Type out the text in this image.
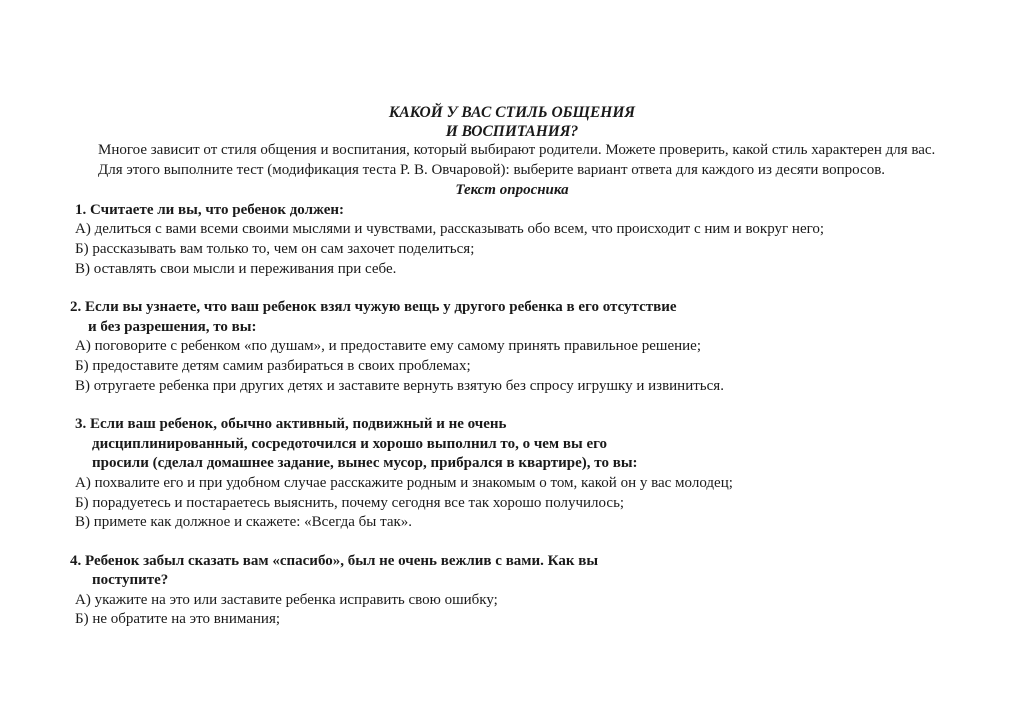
КАКОЙ У ВАС СТИЛЬ ОБЩЕНИЯ
И ВОСПИТАНИЯ?
Многое зависит от стиля общения и воспитания, который выбирают родители. Можете проверить, какой стиль характерен для вас.
Для этого выполните тест (модификация теста Р. В. Овчаровой): выберите вариант ответа для каждого из десяти вопросов.
Текст опросника
1. Считаете ли вы, что ребенок должен:
А) делиться с вами всеми своими мыслями и чувствами, рассказывать обо всем, что происходит с ним и вокруг него;
Б) рассказывать вам только то, чем он сам захочет поделиться;
В) оставлять свои мысли и переживания при себе.
2. Если вы узнаете, что ваш ребенок взял чужую вещь у другого ребенка в его отсутствие
и без разрешения, то вы:
А) поговорите с ребенком «по душам», и предоставите ему самому принять правильное решение;
Б) предоставите детям самим разбираться в своих проблемах;
В) отругаете ребенка при других детях и заставите вернуть взятую без спросу игрушку и извиниться.
3. Если ваш ребенок, обычно активный, подвижный и не очень
дисциплинированный, сосредоточился и хорошо выполнил то, о чем вы его
просили (сделал домашнее задание, вынес мусор, прибрался в квартире), то вы:
А) похвалите его и при удобном случае расскажите родным и знакомым о том, какой он у вас молодец;
Б) порадуетесь и постараетесь выяснить, почему сегодня все так хорошо получилось;
В) примете как должное и скажете: «Всегда бы так».
4. Ребенок забыл сказать вам «спасибо», был не очень вежлив с вами. Как вы
поступите?
А) укажите на это или заставите ребенка исправить свою ошибку;
Б) не обратите на это внимания;
